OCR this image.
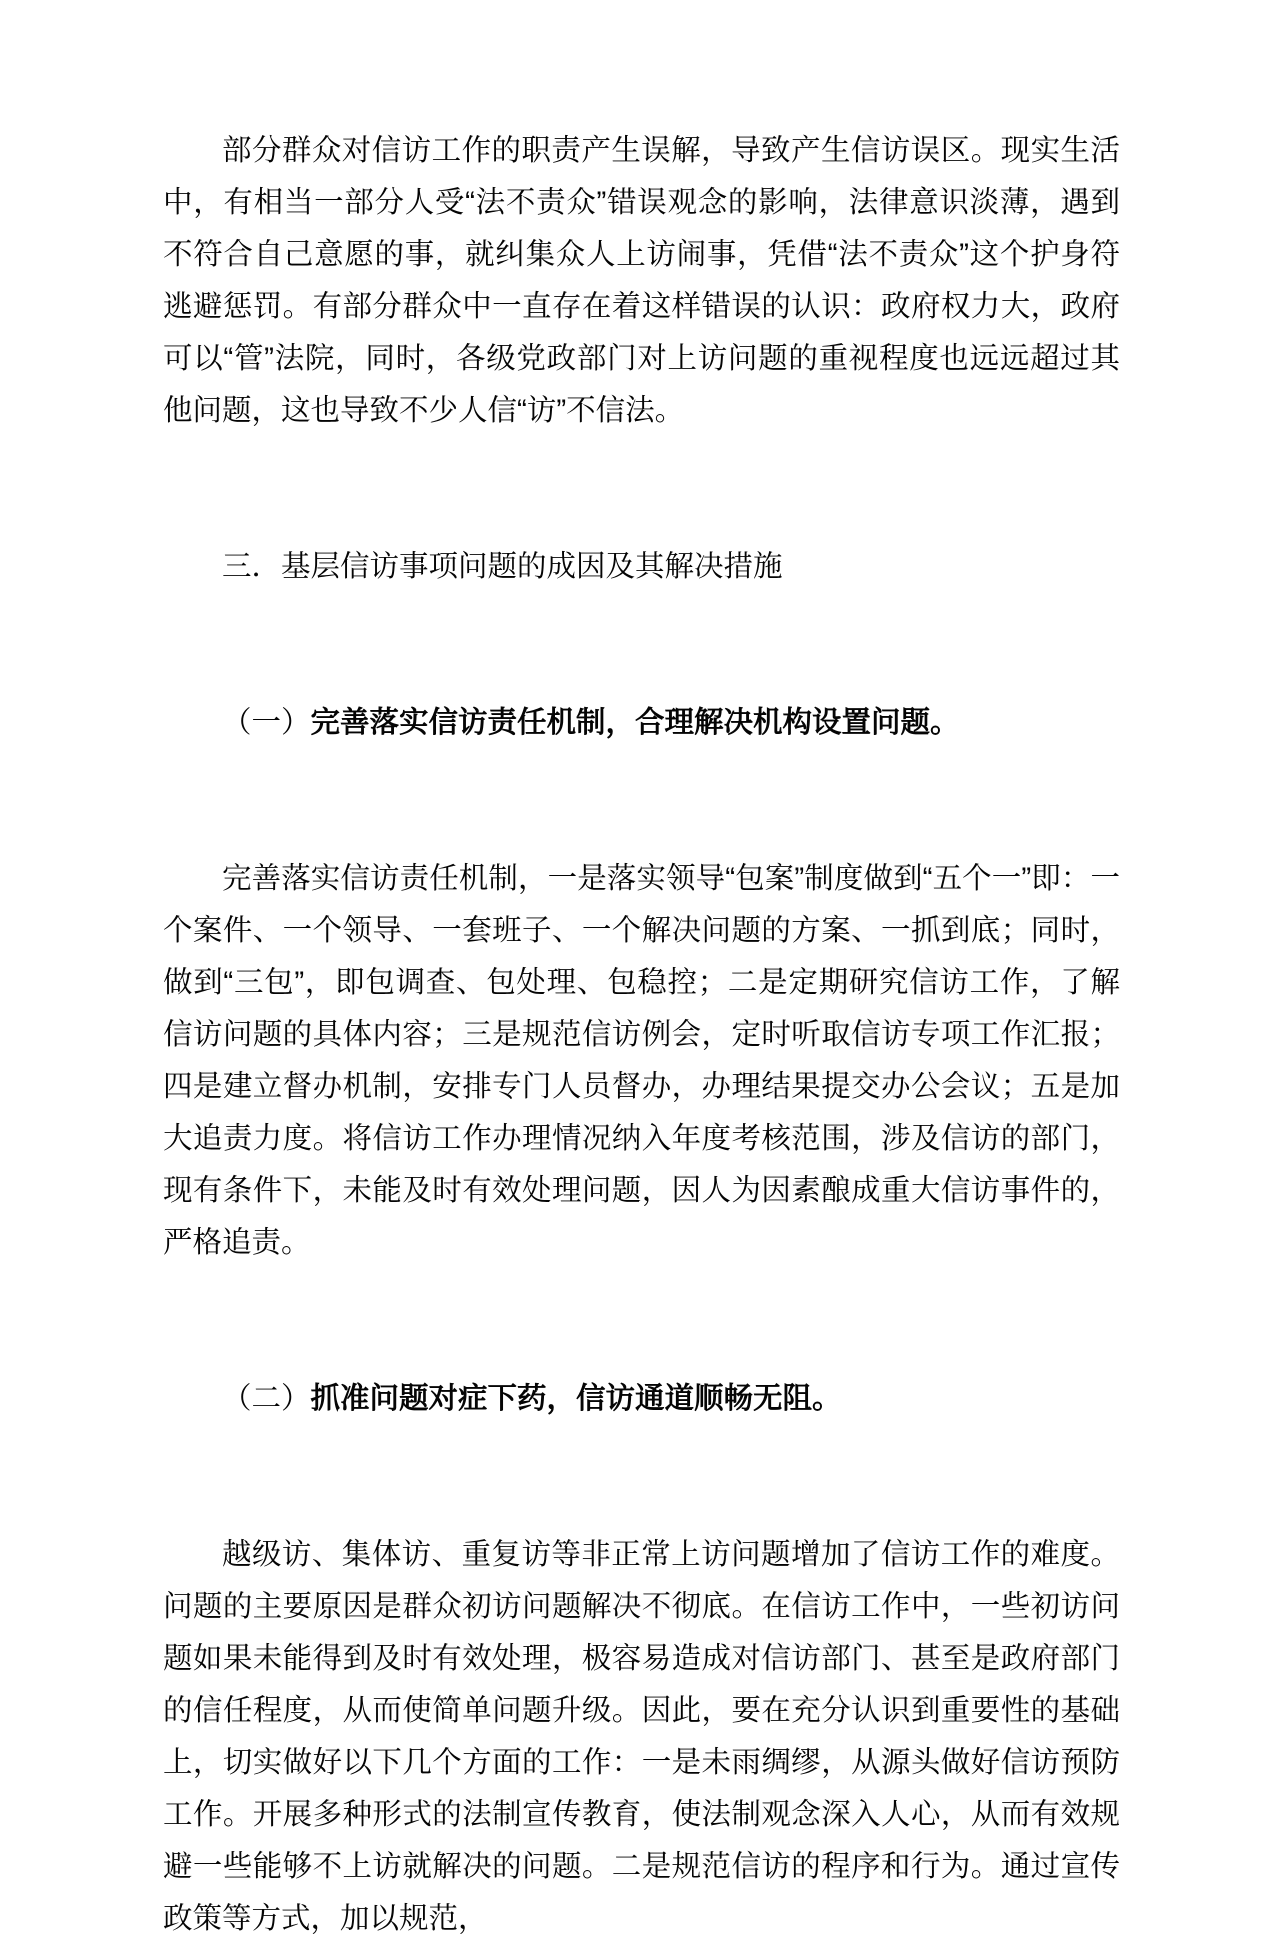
部分群众对信访工作的职责产生误解，导致产生信访误区。现实生活中，有相当一部分人受“法不责众”错误观念的影响，法律意识淡薄，遇到不符合自己意愿的事，就纠集众人上访闹事，凭借“法不责众”这个护身符逃避惩罚。有部分群众中一直存在着这样错误的认识：政府权力大，政府可以“管”法院，同时，各级党政部门对上访问题的重视程度也远远超过其他问题，这也导致不少人信“访”不信法。

三．基层信访事项问题的成因及其解决措施

（一）完善落实信访责任机制，合理解决机构设置问题。

完善落实信访责任机制，一是落实领导“包案”制度做到“五个一”即：一个案件、一个领导、一套班子、一个解决问题的方案、一抓到底；同时，做到“三包”，即包调查、包处理、包稳控；二是定期研究信访工作，了解信访问题的具体内容；三是规范信访例会，定时听取信访专项工作汇报；四是建立督办机制，安排专门人员督办，办理结果提交办公会议；五是加大追责力度。将信访工作办理情况纳入年度考核范围，涉及信访的部门，现有条件下，未能及时有效处理问题，因人为因素酿成重大信访事件的，严格追责。

（二）抓准问题对症下药，信访通道顺畅无阻。

越级访、集体访、重复访等非正常上访问题增加了信访工作的难度。问题的主要原因是群众初访问题解决不彻底。在信访工作中，一些初访问题如果未能得到及时有效处理，极容易造成对信访部门、甚至是政府部门的信任程度，从而使简单问题升级。因此，要在充分认识到重要性的基础上，切实做好以下几个方面的工作：一是未雨绸缪，从源头做好信访预防工作。开展多种形式的法制宣传教育，使法制观念深入人心，从而有效规避一些能够不上访就解决的问题。二是规范信访的程序和行为。通过宣传政策等方式，加以规范，
